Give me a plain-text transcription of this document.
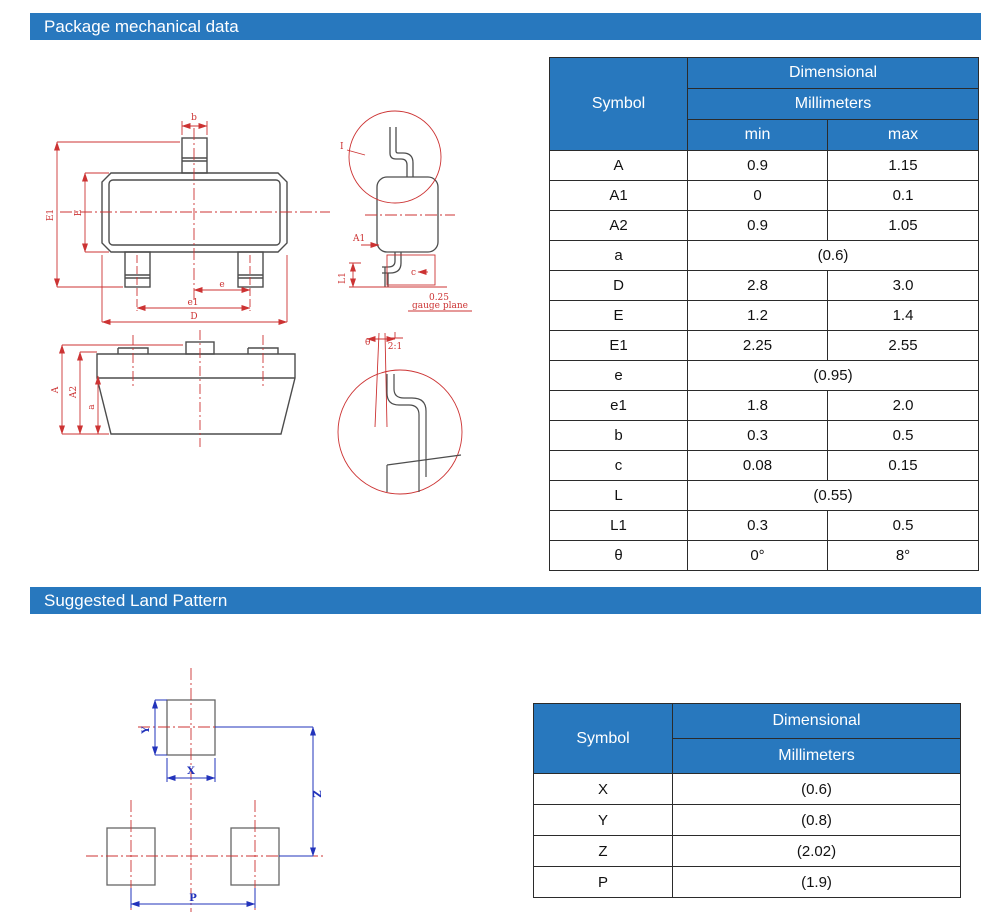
Package mechanical data
b
E1 E
e
e1
D
I
A1
L1	c
0.25
gauge plane
θ 2:1
A A2
a
Symbol	Dimensional	
	Millimeters	
	min	max
A	0.9	1.15
A1	0	0.1
A2	0.9	1.05
a	(0.6)	
D	2.8	3.0
E	1.2	1.4
E1	2.25	2.55
e	(0.95)	
e1	1.8	2.0
b	0.3	0.5
c	0.08	0.15
L	(0.55)	
L1	0.3	0.5
θ	0°	8°
Suggested Land Pattern
Y
X
Z
P
Symbol	Dimensional
	Millimeters
X	(0.6)
Y	(0.8)
Z	(2.02)
P	(1.9)
